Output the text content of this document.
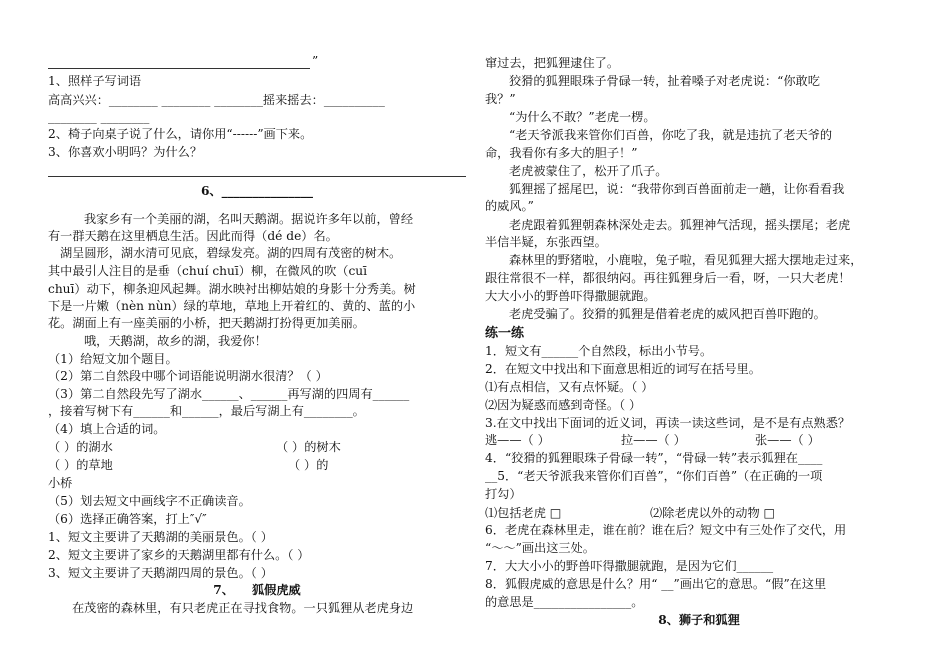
”
1、照样子写词语
高高兴兴：________ ________ ________摇来摇去：__________
________ ________
2、椅子向桌子说了什么，请你用“------”画下来。
3、你喜欢小明吗？为什么？
6、_______________
我家乡有一个美丽的湖，名叫天鹅湖。据说许多年以前，曾经
有一群天鹅在这里栖息生活。因此而得（dé de）名。
湖呈圆形，湖水清可见底，碧绿发亮。湖的四周有茂密的树木。
其中最引人注目的是垂（chuí chuī）柳，在微风的吹（cuī
chuī）动下，柳条迎风起舞。湖水映衬出柳姑娘的身影十分秀美。树
下是一片嫩（nèn nùn）绿的草地，草地上开着红的、黄的、蓝的小
花。湖面上有一座美丽的小桥，把天鹅湖打扮得更加美丽。
哦，天鹅湖，故乡的湖，我爱你！
（1）给短文加个题目。
（2）第二自然段中哪个词语能说明湖水很清？（ ）
（3）第二自然段先写了湖水______、______再写湖的四周有______
，接着写树下有______和______，最后写湖上有________。
（4）填上合适的词。
（ ）的湖水	（ ）的树木
（ ）的草地	（ ）的
小桥
（5）划去短文中画线字不正确读音。
（6）选择正确答案，打上″√″
1、短文主要讲了天鹅湖的美丽景色。（ ）
2、短文主要讲了家乡的天鹅湖里都有什么。（ ）
3、短文主要讲了天鹅湖四周的景色。（ ）
7、 狐假虎威
在茂密的森林里，有只老虎正在寻找食物。一只狐狸从老虎身边
窜过去，把狐狸逮住了。
狡猾的狐狸眼珠子骨碌一转，扯着嗓子对老虎说：“你敢吃
我？”
“为什么不敢？”老虎一楞。
“老天爷派我来管你们百兽，你吃了我，就是违抗了老天爷的
命，我看你有多大的胆子！”
老虎被蒙住了，松开了爪子。
狐狸摇了摇尾巴，说：“我带你到百兽面前走一趟，让你看看我
的威风。”
老虎跟着狐狸朝森林深处走去。狐狸神气活现，摇头摆尾；老虎
半信半疑，东张西望。
森林里的野猪啦，小鹿啦，兔子啦，看见狐狸大摇大摆地走过来，
跟往常很不一样，都很纳闷。再往狐狸身后一看，呀，一只大老虎！
大大小小的野兽吓得撒腿就跑。
老虎受骗了。狡猾的狐狸是借着老虎的威风把百兽吓跑的。
练一练
1．短文有______个自然段，标出小节号。
2．在短文中找出和下面意思相近的词写在括号里。
⑴有点相信，又有点怀疑。（ ）
⑵因为疑惑而感到奇怪。（ ）
3.在文中找出下面词的近义词，再读一读这些词，是不是有点熟悉？
逃——（ ）	拉——（ ）	张——（ ）
4．“狡猾的狐狸眼珠子骨碌一转”，“骨碌一转”表示狐狸在____
__5．“老天爷派我来管你们百兽”，“你们百兽”（在正确的一项
打勾）
⑴包括老虎 □	⑵除老虎以外的动物 □
6．老虎在森林里走，谁在前？谁在后？短文中有三处作了交代，用
“～～”画出这三处。
7．大大小小的野兽吓得撒腿就跑，是因为它们______
8．狐假虎威的意思是什么？用“ __”画出它的意思。“假”在这里
的意思是________________。
8、狮子和狐狸
